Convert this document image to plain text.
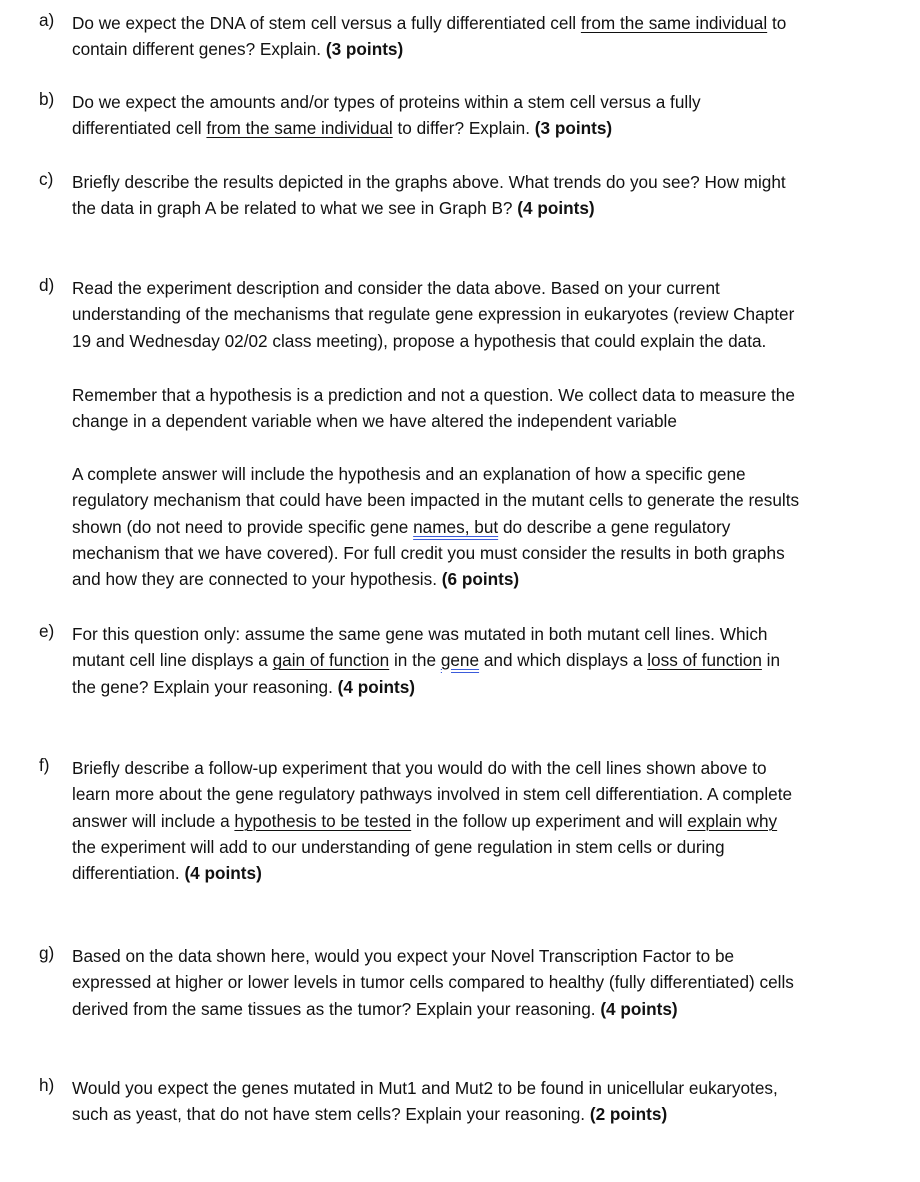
a) Do we expect the DNA of stem cell versus a fully differentiated cell from the same individual to
contain different genes? Explain. (3 points)
b) Do we expect the amounts and/or types of proteins within a stem cell versus a fully
differentiated cell from the same individual to differ? Explain. (3 points)
c) Briefly describe the results depicted in the graphs above. What trends do you see? How might
the data in graph A be related to what we see in Graph B? (4 points)
d) Read the experiment description and consider the data above. Based on your current
understanding of the mechanisms that regulate gene expression in eukaryotes (review Chapter
19 and Wednesday 02/02 class meeting), propose a hypothesis that could explain the data.
Remember that a hypothesis is a prediction and not a question. We collect data to measure the
change in a dependent variable when we have altered the independent variable
A complete answer will include the hypothesis and an explanation of how a specific gene
regulatory mechanism that could have been impacted in the mutant cells to generate the results
shown (do not need to provide specific gene names, but do describe a gene regulatory
mechanism that we have covered). For full credit you must consider the results in both graphs
and how they are connected to your hypothesis. (6 points)
e) For this question only: assume the same gene was mutated in both mutant cell lines. Which
mutant cell line displays a gain of function in the gene and which displays a loss of function in
the gene? Explain your reasoning. (4 points)
f) Briefly describe a follow-up experiment that you would do with the cell lines shown above to
learn more about the gene regulatory pathways involved in stem cell differentiation. A complete
answer will include a hypothesis to be tested in the follow up experiment and will explain why
the experiment will add to our understanding of gene regulation in stem cells or during
differentiation. (4 points)
g) Based on the data shown here, would you expect your Novel Transcription Factor to be
expressed at higher or lower levels in tumor cells compared to healthy (fully differentiated) cells
derived from the same tissues as the tumor? Explain your reasoning. (4 points)
h) Would you expect the genes mutated in Mut1 and Mut2 to be found in unicellular eukaryotes,
such as yeast, that do not have stem cells? Explain your reasoning. (2 points)
